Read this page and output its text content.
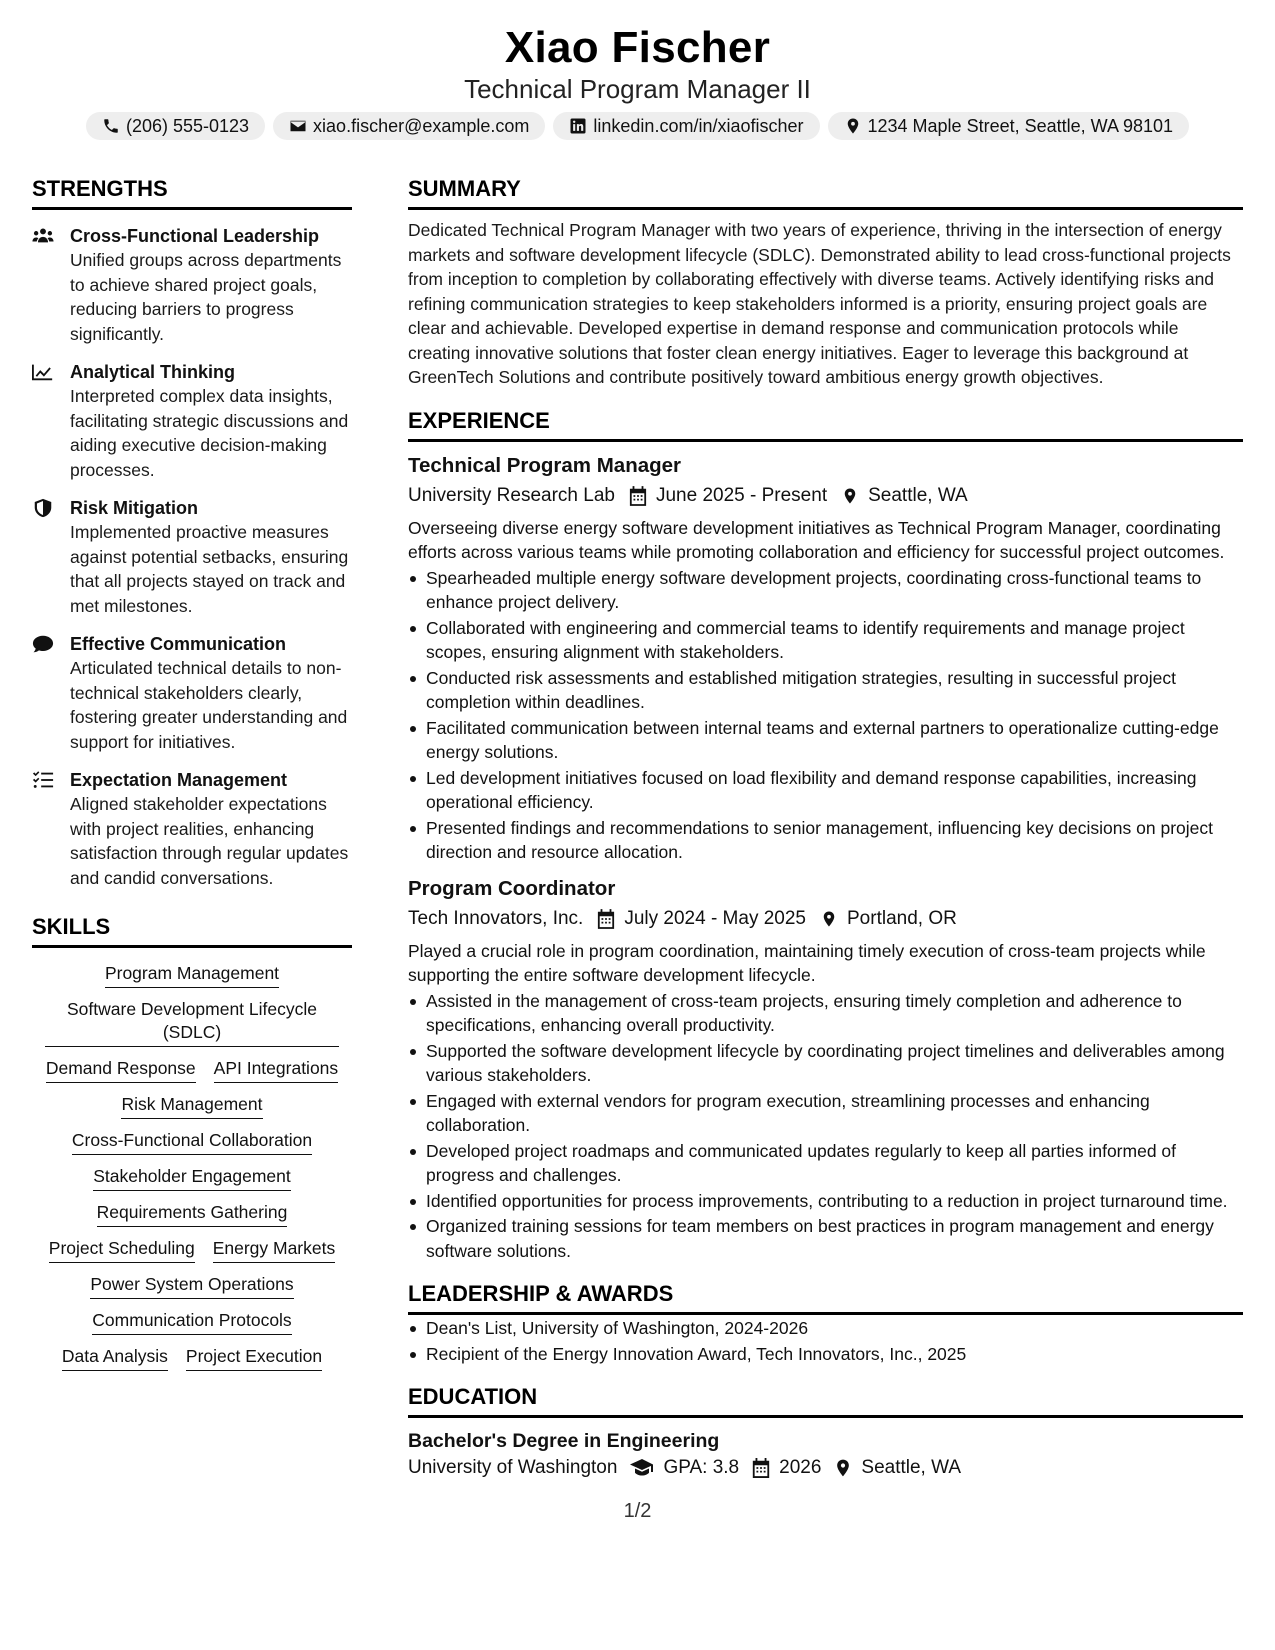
Xiao Fischer
Technical Program Manager II
(206) 555-0123	xiao.fischer@example.com	linkedin.com/in/xiaofischer	1234 Maple Street, Seattle, WA 98101
STRENGTHS
Cross-Functional Leadership
Unified groups across departments to achieve shared project goals, reducing barriers to progress significantly.
Analytical Thinking
Interpreted complex data insights, facilitating strategic discussions and aiding executive decision-making processes.
Risk Mitigation
Implemented proactive measures against potential setbacks, ensuring that all projects stayed on track and met milestones.
Effective Communication
Articulated technical details to non-technical stakeholders clearly, fostering greater understanding and support for initiatives.
Expectation Management
Aligned stakeholder expectations with project realities, enhancing satisfaction through regular updates and candid conversations.
SKILLS
Program Management
Software Development Lifecycle (SDLC)
Demand Response API Integrations
Risk Management
Cross-Functional Collaboration
Stakeholder Engagement
Requirements Gathering
Project Scheduling Energy Markets
Power System Operations
Communication Protocols
Data Analysis Project Execution
SUMMARY
Dedicated Technical Program Manager with two years of experience, thriving in the intersection of energy markets and software development lifecycle (SDLC). Demonstrated ability to lead cross-functional projects from inception to completion by collaborating effectively with diverse teams. Actively identifying risks and refining communication strategies to keep stakeholders informed is a priority, ensuring project goals are clear and achievable. Developed expertise in demand response and communication protocols while creating innovative solutions that foster clean energy initiatives. Eager to leverage this background at GreenTech Solutions and contribute positively toward ambitious energy growth objectives.
EXPERIENCE
Technical Program Manager
University Research Lab June 2025 - Present Seattle, WA
Overseeing diverse energy software development initiatives as Technical Program Manager, coordinating efforts across various teams while promoting collaboration and efficiency for successful project outcomes.
Spearheaded multiple energy software development projects, coordinating cross-functional teams to enhance project delivery.
Collaborated with engineering and commercial teams to identify requirements and manage project scopes, ensuring alignment with stakeholders.
Conducted risk assessments and established mitigation strategies, resulting in successful project completion within deadlines.
Facilitated communication between internal teams and external partners to operationalize cutting-edge energy solutions.
Led development initiatives focused on load flexibility and demand response capabilities, increasing operational efficiency.
Presented findings and recommendations to senior management, influencing key decisions on project direction and resource allocation.
Program Coordinator
Tech Innovators, Inc. July 2024 - May 2025 Portland, OR
Played a crucial role in program coordination, maintaining timely execution of cross-team projects while supporting the entire software development lifecycle.
Assisted in the management of cross-team projects, ensuring timely completion and adherence to specifications, enhancing overall productivity.
Supported the software development lifecycle by coordinating project timelines and deliverables among various stakeholders.
Engaged with external vendors for program execution, streamlining processes and enhancing collaboration.
Developed project roadmaps and communicated updates regularly to keep all parties informed of progress and challenges.
Identified opportunities for process improvements, contributing to a reduction in project turnaround time.
Organized training sessions for team members on best practices in program management and energy software solutions.
LEADERSHIP & AWARDS
Dean's List, University of Washington, 2024-2026
Recipient of the Energy Innovation Award, Tech Innovators, Inc., 2025
EDUCATION
Bachelor's Degree in Engineering
University of Washington GPA: 3.8 2026 Seattle, WA
1/2
